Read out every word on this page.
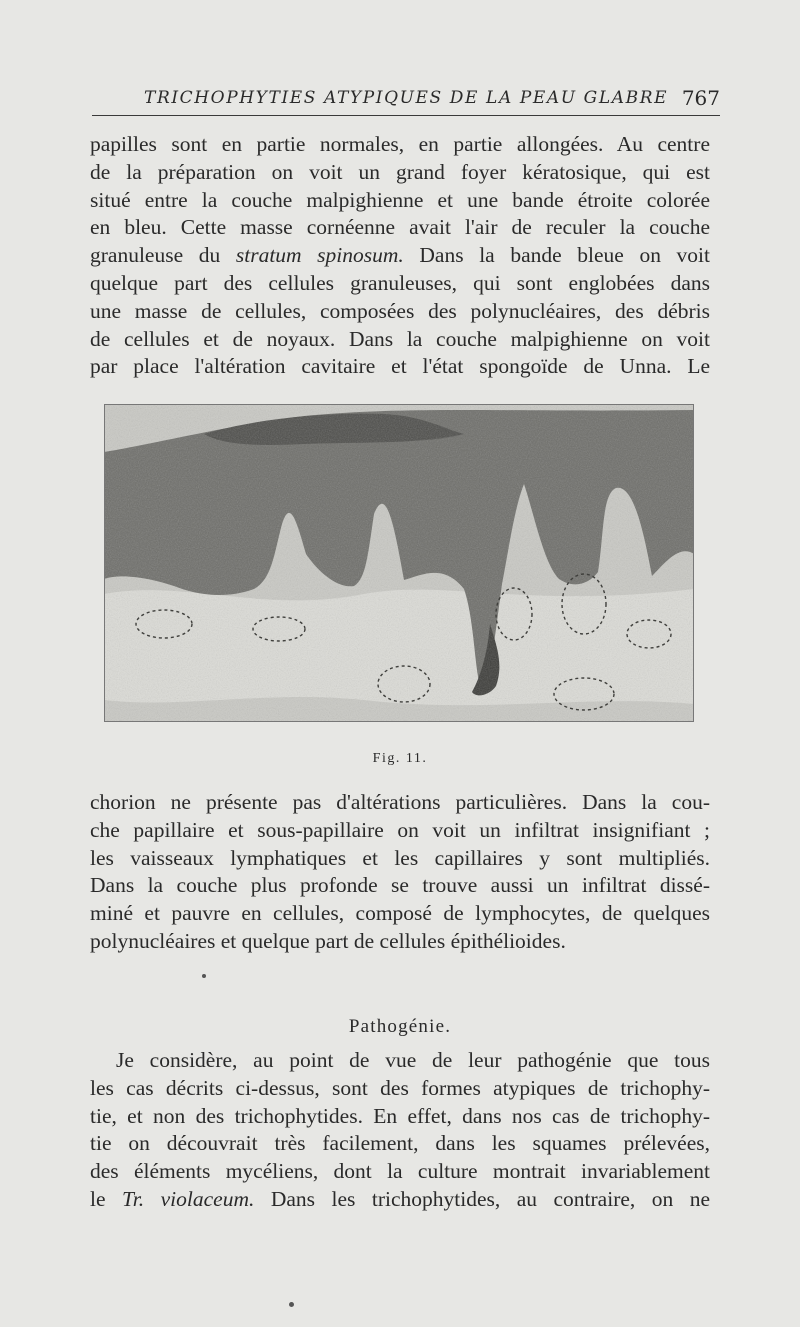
TRICHOPHYTIES ATYPIQUES DE LA PEAU GLABRE 767
papilles sont en partie normales, en partie allongées. Au centre
de la préparation on voit un grand foyer kératosique, qui est
situé entre la couche malpighienne et une bande étroite colorée
en bleu. Cette masse cornéenne avait l'air de reculer la couche
granuleuse du stratum spinosum. Dans la bande bleue on voit
quelque part des cellules granuleuses, qui sont englobées dans
une masse de cellules, composées des polynucléaires, des débris
de cellules et de noyaux. Dans la couche malpighienne on voit
par place l'altération cavitaire et l'état spongoïde de Unna. Le
Fig. 11.
chorion ne présente pas d'altérations particulières. Dans la cou-
che papillaire et sous-papillaire on voit un infiltrat insignifiant ;
les vaisseaux lymphatiques et les capillaires y sont multipliés.
Dans la couche plus profonde se trouve aussi un infiltrat dissé-
miné et pauvre en cellules, composé de lymphocytes, de quelques
polynucléaires et quelque part de cellules épithélioides.
Pathogénie.
Je considère, au point de vue de leur pathogénie que tous
les cas décrits ci-dessus, sont des formes atypiques de trichophy-
tie, et non des trichophytides. En effet, dans nos cas de trichophy-
tie on découvrait très facilement, dans les squames prélevées,
des éléments mycéliens, dont la culture montrait invariablement
le Tr. violaceum. Dans les trichophytides, au contraire, on ne
